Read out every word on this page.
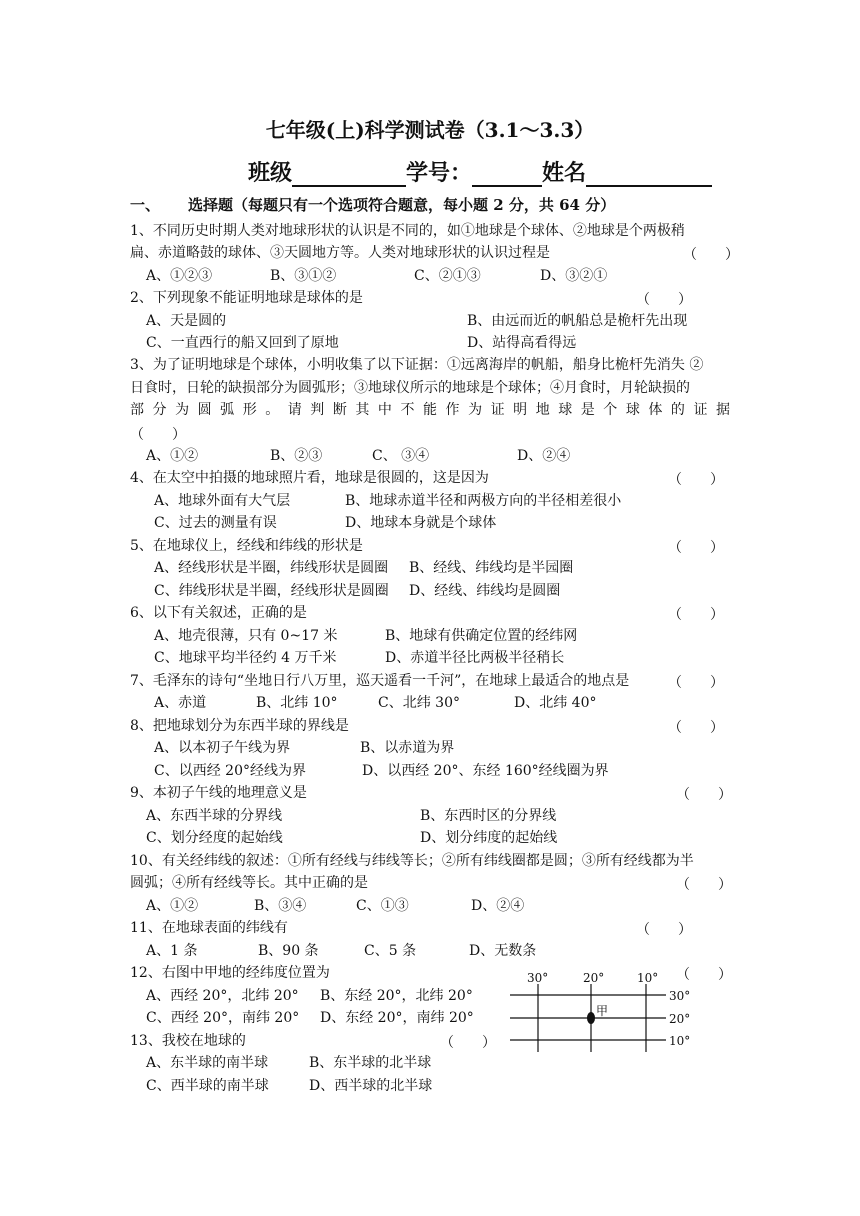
七年级(上)科学测试卷（3.1～3.3）
班级	学号：	姓名
一、 选择题（每题只有一个选项符合题意，每小题 2 分，共 64 分）
1、不同历史时期人类对地球形状的认识是不同的，如①地球是个球体、②地球是个两极稍
扁、赤道略鼓的球体、③天圆地方等。人类对地球形状的认识过程是	（　　）
A、①②③	B、③①②	C、②①③	D、③②①
2、下列现象不能证明地球是球体的是	（　　）
A、天是圆的	B、由远而近的帆船总是桅杆先出现
C、一直西行的船又回到了原地	D、站得高看得远
3、为了证明地球是个球体，小明收集了以下证据：①远离海岸的帆船，船身比桅杆先消失 ②
日食时，日轮的缺损部分为圆弧形；③地球仪所示的地球是个球体；④月食时，月轮缺损的
部分为圆弧形。请判断其中不能作为证明地球是个球体的证据
（　　）
A、①②	B、②③	C、 ③④	D、②④
4、在太空中拍摄的地球照片看，地球是很圆的，这是因为	（　　）
A、地球外面有大气层	B、地球赤道半径和两极方向的半径相差很小
C、过去的测量有误	D、地球本身就是个球体
5、在地球仪上，经线和纬线的形状是	（　　）
A、经线形状是半圈，纬线形状是圆圈 B、经线、纬线均是半园圈
C、纬线形状是半圈，经线形状是圆圈 D、经线、纬线均是圆圈
6、以下有关叙述，正确的是	（　　）
A、地壳很薄，只有 0~17 米	B、地球有供确定位置的经纬网
C、地球平均半径约 4 万千米	D、赤道半径比两极半径稍长
7、毛泽东的诗句“坐地日行八万里，巡天遥看一千河”，在地球上最适合的地点是	（　　）
A、赤道	B、北纬 10°	C、北纬 30°	D、北纬 40°
8、把地球划分为东西半球的界线是	（　　）
A、以本初子午线为界	B、以赤道为界
C、以西经 20°经线为界	D、以西经 20°、东经 160°经线圈为界
9、本初子午线的地理意义是	（　　）
A、东西半球的分界线	B、东西时区的分界线
C、划分经度的起始线	D、划分纬度的起始线
10、有关经纬线的叙述：①所有经线与纬线等长；②所有纬线圈都是圆；③所有经线都为半
圆弧；④所有经线等长。其中正确的是	（　　）
A、①②	B、③④	C、①③	D、②④
11、在地球表面的纬线有	（　　）
A、1 条	B、90 条	C、5 条	D、无数条
12、右图中甲地的经纬度位置为	（　　）
A、西经 20°，北纬 20° B、东经 20°，北纬 20°
C、西经 20°，南纬 20° D、东经 20°，南纬 20°
13、我校在地球的	（　　）
A、东半球的南半球	B、东半球的北半球
C、西半球的南半球	D、西半球的北半球
30°	20°	10°
30°
20°
10°
甲
